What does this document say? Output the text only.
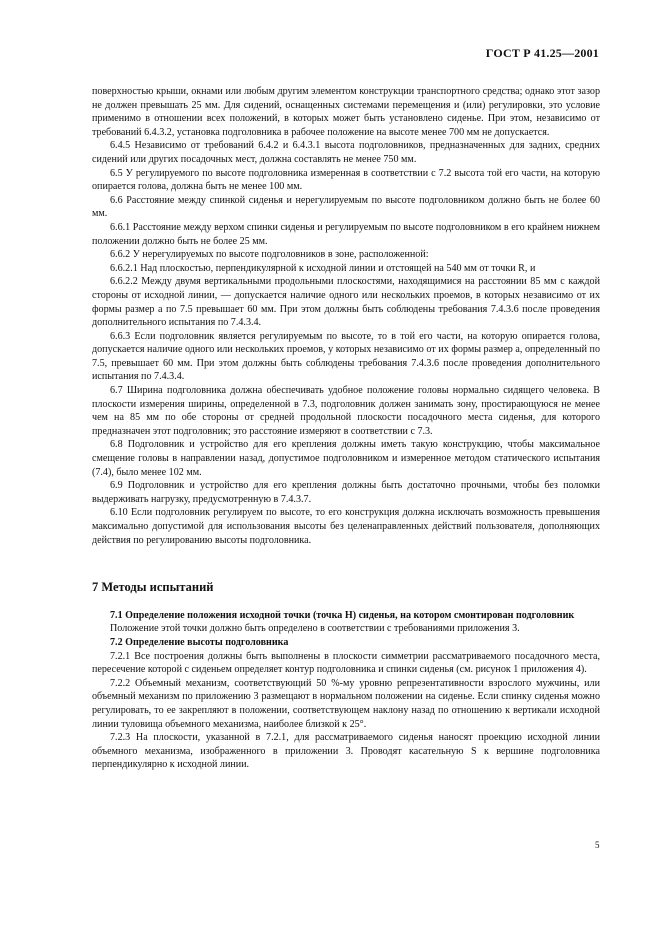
ГОСТ Р 41.25—2001

поверхностью крыши, окнами или любым другим элементом конструкции транспортного средства; однако этот зазор не должен превышать 25 мм. Для сидений, оснащенных системами перемещения и (или) регулировки, это условие применимо в отношении всех положений, в которых может быть установлено сиденье. При этом, независимо от требований 6.4.3.2, установка подголовника в рабочее положение на высоте менее 700 мм не допускается.

6.4.5 Независимо от требований 6.4.2 и 6.4.3.1 высота подголовников, предназначенных для задних, средних сидений или других посадочных мест, должна составлять не менее 750 мм.

6.5 У регулируемого по высоте подголовника измеренная в соответствии с 7.2 высота той его части, на которую опирается голова, должна быть не менее 100 мм.

6.6 Расстояние между спинкой сиденья и нерегулируемым по высоте подголовником должно быть не более 60 мм.

6.6.1 Расстояние между верхом спинки сиденья и регулируемым по высоте подголовником в его крайнем нижнем положении должно быть не более 25 мм.

6.6.2 У нерегулируемых по высоте подголовников в зоне, расположенной:

6.6.2.1 Над плоскостью, перпендикулярной к исходной линии и отстоящей на 540 мм от точки R, и

6.6.2.2 Между двумя вертикальными продольными плоскостями, находящимися на расстоянии 85 мм с каждой стороны от исходной линии, — допускается наличие одного или нескольких проемов, в которых независимо от их формы размер а по 7.5 превышает 60 мм. При этом должны быть соблюдены требования 7.4.3.6 после проведения дополнительного испытания по 7.4.3.4.

6.6.3 Если подголовник является регулируемым по высоте, то в той его части, на которую опирается голова, допускается наличие одного или нескольких проемов, у которых независимо от их формы размер а, определенный по 7.5, превышает 60 мм. При этом должны быть соблюдены требования 7.4.3.6 после проведения дополнительного испытания по 7.4.3.4.

6.7 Ширина подголовника должна обеспечивать удобное положение головы нормально сидящего человека. В плоскости измерения ширины, определенной в 7.3, подголовник должен занимать зону, простирающуюся не менее чем на 85 мм по обе стороны от средней продольной плоскости посадочного места сиденья, для которого предназначен этот подголовник; это расстояние измеряют в соответствии с 7.3.

6.8 Подголовник и устройство для его крепления должны иметь такую конструкцию, чтобы максимальное смещение головы в направлении назад, допустимое подголовником и измеренное методом статического испытания (7.4), было менее 102 мм.

6.9 Подголовник и устройство для его крепления должны быть достаточно прочными, чтобы без поломки выдерживать нагрузку, предусмотренную в 7.4.3.7.

6.10 Если подголовник регулируем по высоте, то его конструкция должна исключать возможность превышения максимально допустимой для использования высоты без целенаправленных действий пользователя, дополняющих действия по регулированию высоты подголовника.

7 Методы испытаний

7.1 Определение положения исходной точки (точка Н) сиденья, на котором смонтирован подголовник

Положение этой точки должно быть определено в соответствии с требованиями приложения 3.

7.2 Определение высоты подголовника

7.2.1 Все построения должны быть выполнены в плоскости симметрии рассматриваемого посадочного места, пересечение которой с сиденьем определяет контур подголовника и спинки сиденья (см. рисунок 1 приложения 4).

7.2.2 Объемный механизм, соответствующий 50 %-му уровню репрезентативности взрослого мужчины, или объемный механизм по приложению 3 размещают в нормальном положении на сиденье. Если спинку сиденья можно регулировать, то ее закрепляют в положении, соответствующем наклону назад по отношению к вертикали исходной линии туловища объемного механизма, наиболее близкой к 25°.

7.2.3 На плоскости, указанной в 7.2.1, для рассматриваемого сиденья наносят проекцию исходной линии объемного механизма, изображенного в приложении 3. Проводят касательную S к вершине подголовника перпендикулярно к исходной линии.

5
